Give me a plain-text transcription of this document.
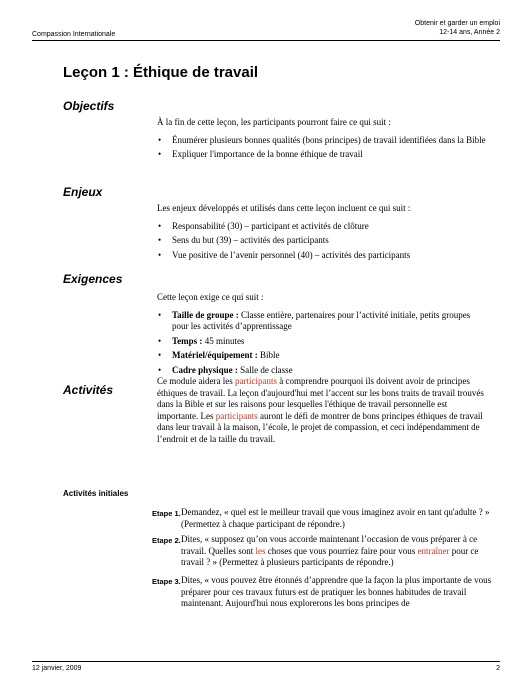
Compassion Internationale
Obtenir et garder un emploi
12-14 ans, Année 2
Leçon 1 : Éthique de travail
Objectifs

À la fin de cette leçon, les participants pourront faire ce qui suit :

• Énumérer plusieurs bonnes qualités (bons principes) de travail identifiées dans la Bible
• Expliquer l'importance de la bonne éthique de travail
Enjeux

Les enjeux développés et utilisés dans cette leçon incluent ce qui suit :

• Responsabilité (30) – participant et activités de clôture
• Sens du but (39) – activités des participants
• Vue positive de l’avenir personnel (40) – activités des participants
Exigences

Cette leçon exige ce qui suit :

• Taille de groupe : Classe entière, partenaires pour l’activité initiale, petits groupes pour les activités d’apprentissage
• Temps : 45 minutes
• Matériel/équipement : Bible
• Cadre physique : Salle de classe
Activités

Ce module aidera les participants à comprendre pourquoi ils doivent avoir de principes éthiques de travail. La leçon d'aujourd'hui met l’accent sur les bons traits de travail trouvés dans la Bible et sur les raisons pour lesquelles l'éthique de travail personnelle est importante. Les participants auront le défi de montrer de bons principes éthiques de travail dans leur travail à la maison, l’école, le projet de compassion, et ceci indépendamment de l’endroit et de la taille du travail.

Activités initiales
Etape 1. Demandez, « quel est le meilleur travail que vous imaginez avoir en tant qu'adulte ? » (Permettez à chaque participant de répondre.)
Etape 2. Dites, « supposez qu’on vous accorde maintenant l’occasion de vous préparer à ce travail. Quelles sont les choses que vous pourriez faire pour vous entraîner pour ce travail ? » (Permettez à plusieurs participants de répondre.)
Etape 3. Dites, « vous pouvez être étonnés d’apprendre que la façon la plus importante de vous préparer pour ces travaux futurs est de pratiquer les bonnes habitudes de travail maintenant. Aujourd'hui nous explorerons les bons principes de
12 janvier, 2009	2
